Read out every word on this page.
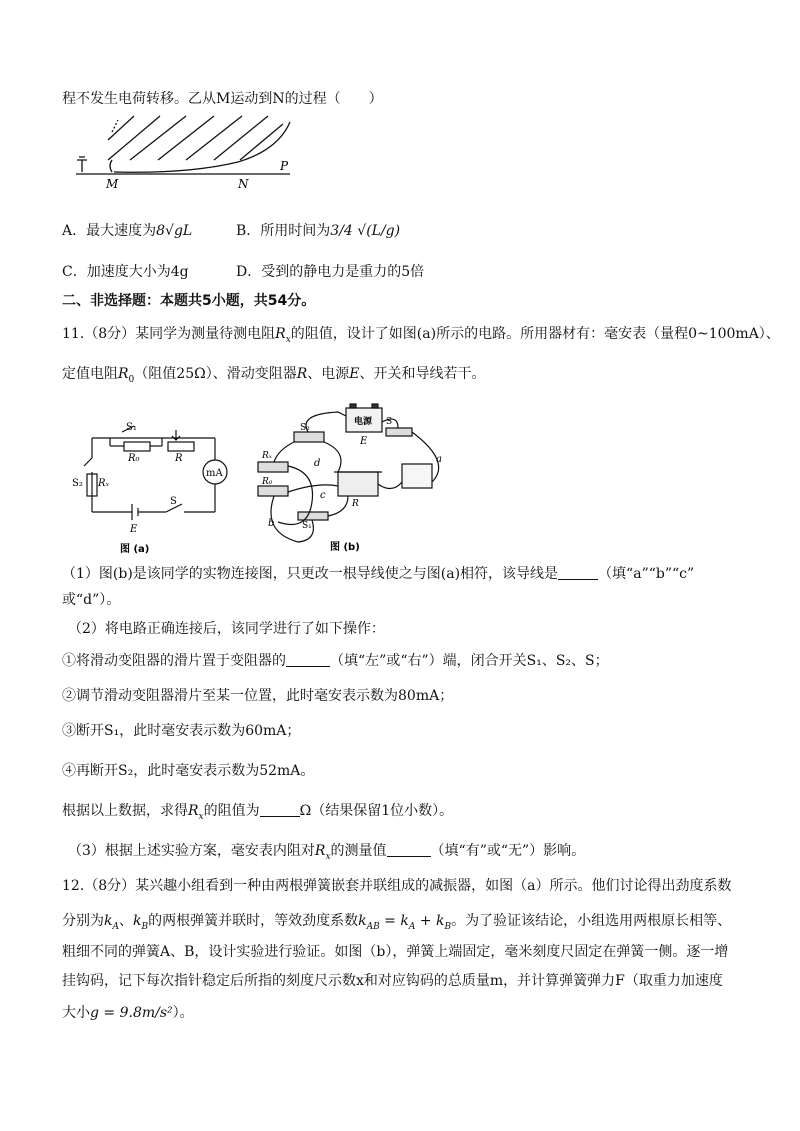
程不发生电荷转移。乙从M运动到N的过程（　　）
M	N
P
A．最大速度为8√gL	B．所用时间为3/4 √(L/g)
C．加速度大小为4g	D．受到的静电力是重力的5倍
二、非选择题：本题共5小题，共54分。
11.（8分）某同学为测量待测电阻$R_x$的阻值，设计了如图(a)所示的电路。所用器材有：毫安表（量程0~100mA）、
定值电阻$R_0$（阻值25Ω）、滑动变阻器R、电源E、开关和导线若干。
S₁
R₀	R
mA
S₂ Rₓ
E
S
图 (a)
电源
E
S₂
S
Rₓ
R₀
R
S₁
a
b
c
d
图 (b)
（1）图(b)是该同学的实物连接图，只更改一根导线使之与图(a)相符，该导线是	（填“a”“b”“c”
或“d”）。
（2）将电路正确连接后，该同学进行了如下操作：
①将滑动变阻器的滑片置于变阻器的	（填“左”或“右”）端，闭合开关S₁、S₂、S；
②调节滑动变阻器滑片至某一位置，此时毫安表示数为80mA；
③断开S₁，此时毫安表示数为60mA；
④再断开S₂，此时毫安表示数为52mA。
根据以上数据，求得$R_x$的阻值为	Ω（结果保留1位小数）。
（3）根据上述实验方案，毫安表内阻对$R_x$的测量值	（填“有”或“无”）影响。
12.（8分）某兴趣小组看到一种由两根弹簧嵌套并联组成的减振器，如图（a）所示。他们讨论得出劲度系数
分别为$k_A$、$k_B$的两根弹簧并联时，等效劲度系数$k_{AB} = k_A + k_B$。为了验证该结论，小组选用两根原长相等、
粗细不同的弹簧A、B，设计实验进行验证。如图（b），弹簧上端固定，毫米刻度尺固定在弹簧一侧。逐一增
挂钩码，记下每次指针稳定后所指的刻度尺示数x和对应钩码的总质量m，并计算弹簧弹力F（取重力加速度
大小g = 9.8m/s²）。
